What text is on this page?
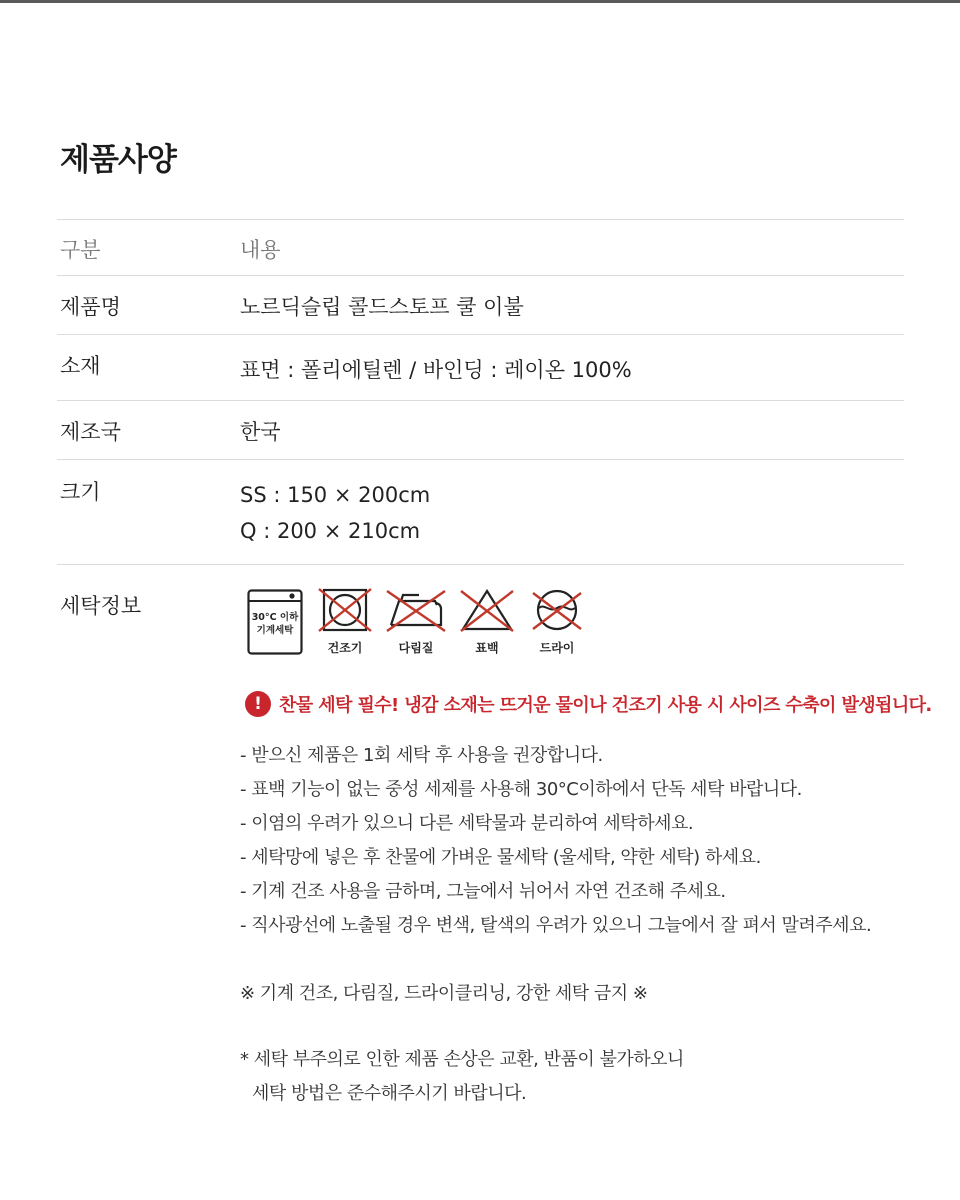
제품사양
구분	내용
제품명	노르딕슬립 콜드스토프 쿨 이불
소재	표면 : 폴리에틸렌 / 바인딩 : 레이온 100%
제조국	한국
크기	SS : 150 × 200cm
Q : 200 × 210cm
세탁정보	30°C 이하
기계세탁
건조기	다림질	표백	드라이
! 찬물 세탁 필수! 냉감 소재는 뜨거운 물이나 건조기 사용 시 사이즈 수축이 발생됩니다.
- 받으신 제품은 1회 세탁 후 사용을 권장합니다.
- 표백 기능이 없는 중성 세제를 사용해 30°C이하에서 단독 세탁 바랍니다.
- 이염의 우려가 있으니 다른 세탁물과 분리하여 세탁하세요.
- 세탁망에 넣은 후 찬물에 가벼운 물세탁 (울세탁, 약한 세탁) 하세요.
- 기계 건조 사용을 금하며, 그늘에서 뉘어서 자연 건조해 주세요.
- 직사광선에 노출될 경우 변색, 탈색의 우려가 있으니 그늘에서 잘 펴서 말려주세요.
※ 기계 건조, 다림질, 드라이클리닝, 강한 세탁 금지 ※
* 세탁 부주의로 인한 제품 손상은 교환, 반품이 불가하오니
세탁 방법은 준수해주시기 바랍니다.
